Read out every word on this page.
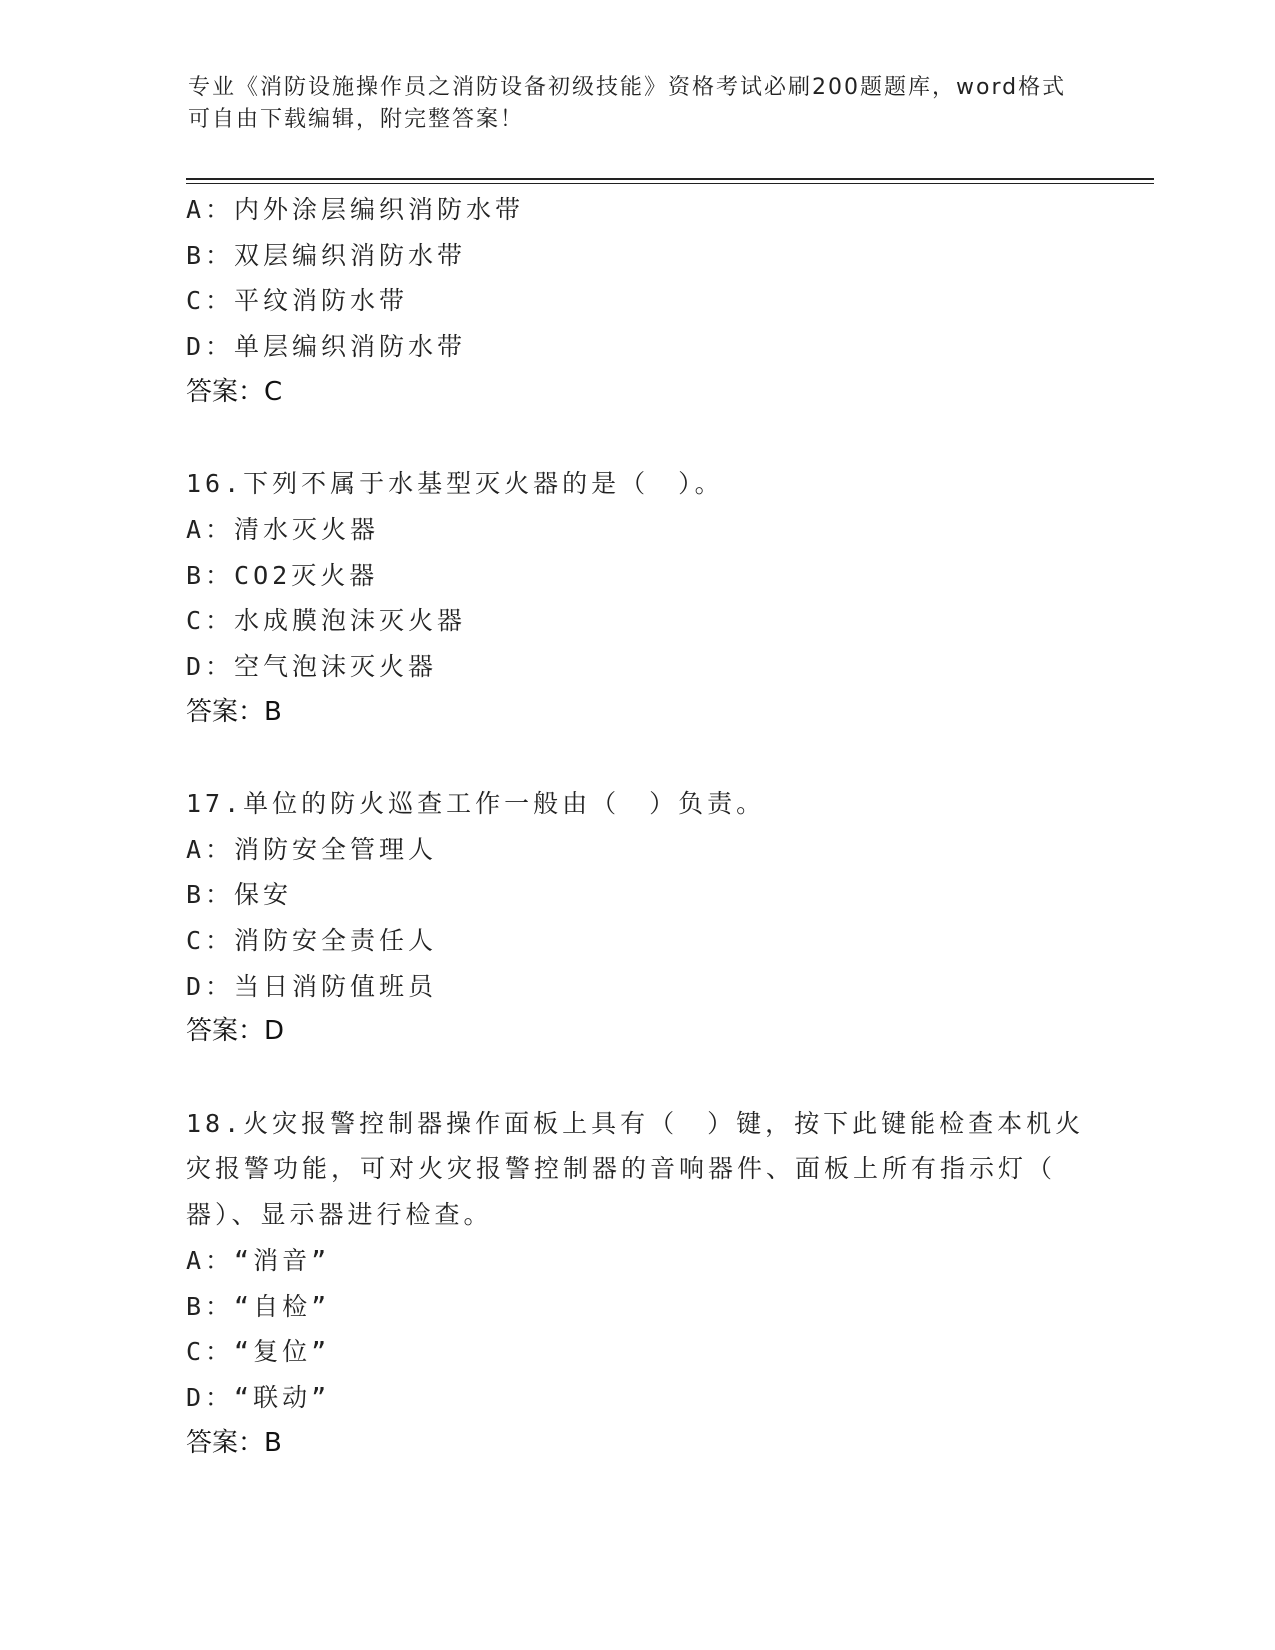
专业《消防设施操作员之消防设备初级技能》资格考试必刷200题题库，word格式可自由下载编辑，附完整答案！
A：内外涂层编织消防水带
B：双层编织消防水带
C：平纹消防水带
D：单层编织消防水带
答案：C
16.下列不属于水基型灭火器的是（　）。
A：清水灭火器
B：CO2灭火器
C：水成膜泡沫灭火器
D：空气泡沫灭火器
答案：B
17.单位的防火巡查工作一般由（　）负责。
A：消防安全管理人
B：保安
C：消防安全责任人
D：当日消防值班员
答案：D
18.火灾报警控制器操作面板上具有（　）键，按下此键能检查本机火
灾报警功能，可对火灾报警控制器的音响器件、面板上所有指示灯（
器）、显示器进行检查。
A：“消音”
B：“自检”
C：“复位”
D：“联动”
答案：B
